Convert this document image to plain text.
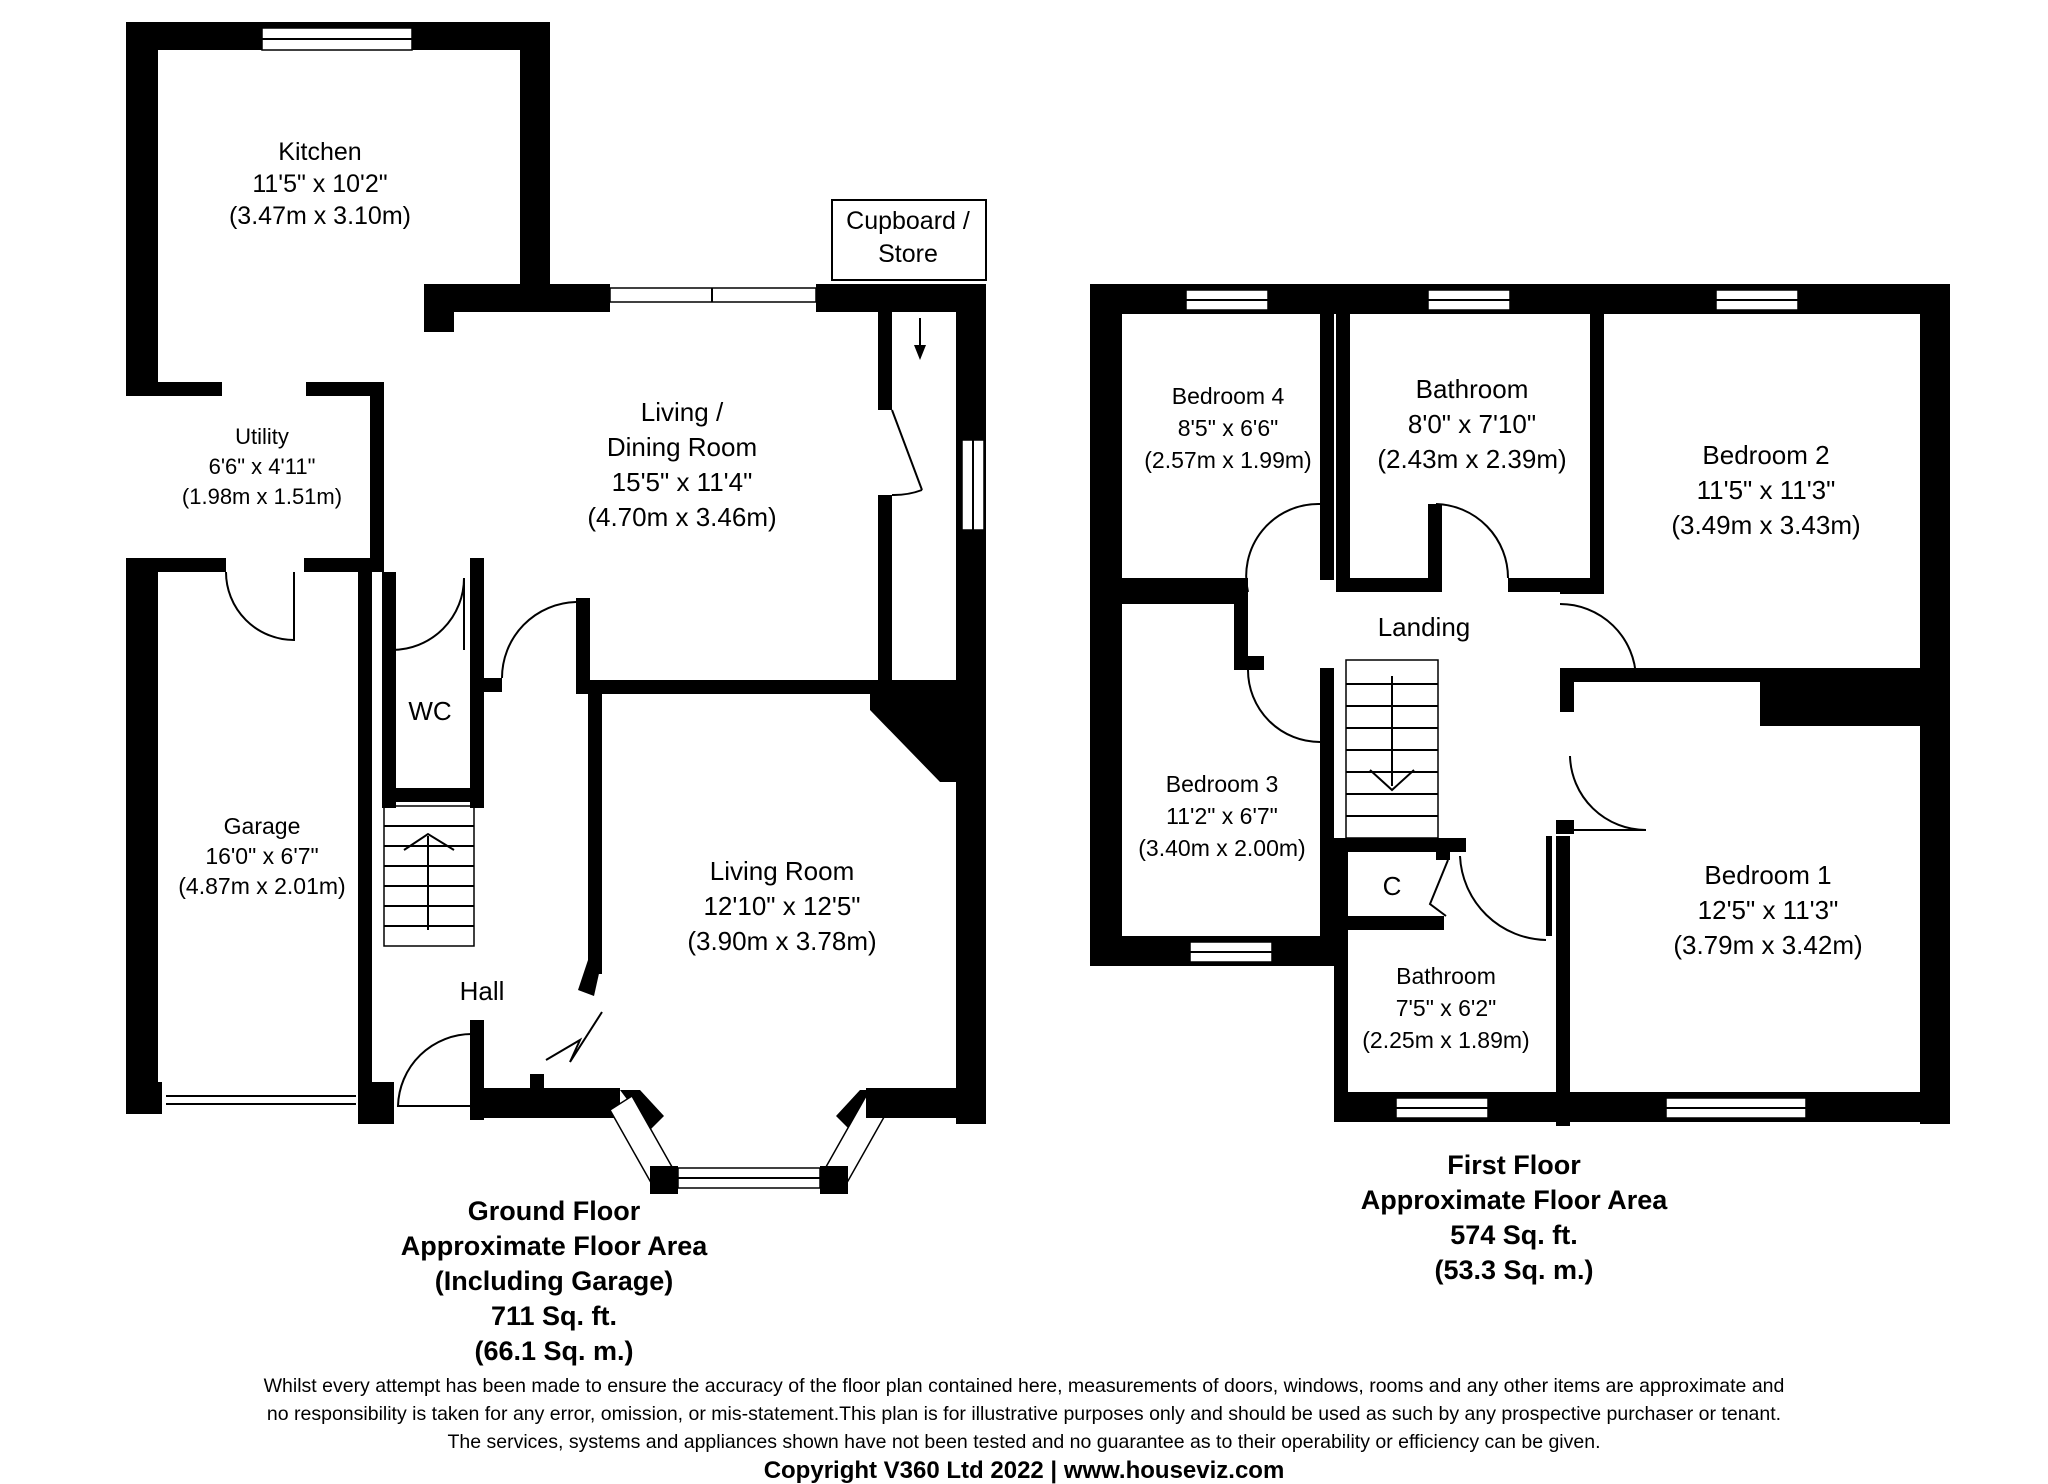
Kitchen
11'5" x 10'2"
(3.47m x 3.10m)	Cupboard /
Store
Utility
6'6" x 4'11"
(1.98m x 1.51m)
Living /
Dining Room
15'5" x 11'4"
(4.70m x 3.46m)
WC
Garage
16'0" x 6'7"
(4.87m x 2.01m)	Living Room
12'10" x 12'5"
(3.90m x 3.78m)
Hall
Bedroom 4
8'5" x 6'6"
(2.57m x 1.99m)
Bathroom
8'0" x 7'10"
(2.43m x 2.39m)	Bedroom 2
11'5" x 11'3"
(3.49m x 3.43m)
Landing
Bedroom 3
11'2" x 6'7"
(3.40m x 2.00m)
C
Bathroom
7'5" x 6'2"
(2.25m x 1.89m)
Bedroom 1
12'5" x 11'3"
(3.79m x 3.42m)
Ground Floor
Approximate Floor Area
(Including Garage)
711 Sq. ft.
(66.1 Sq. m.)
First Floor
Approximate Floor Area
574 Sq. ft.
(53.3 Sq. m.)
Whilst every attempt has been made to ensure the accuracy of the floor plan contained here, measurements of doors, windows, rooms and any other items are approximate and
no responsibility is taken for any error, omission, or mis-statement.This plan is for illustrative purposes only and should be used as such by any prospective purchaser or tenant.
The services, systems and appliances shown have not been tested and no guarantee as to their operability or efficiency can be given.
Copyright V360 Ltd 2022 | www.houseviz.com
